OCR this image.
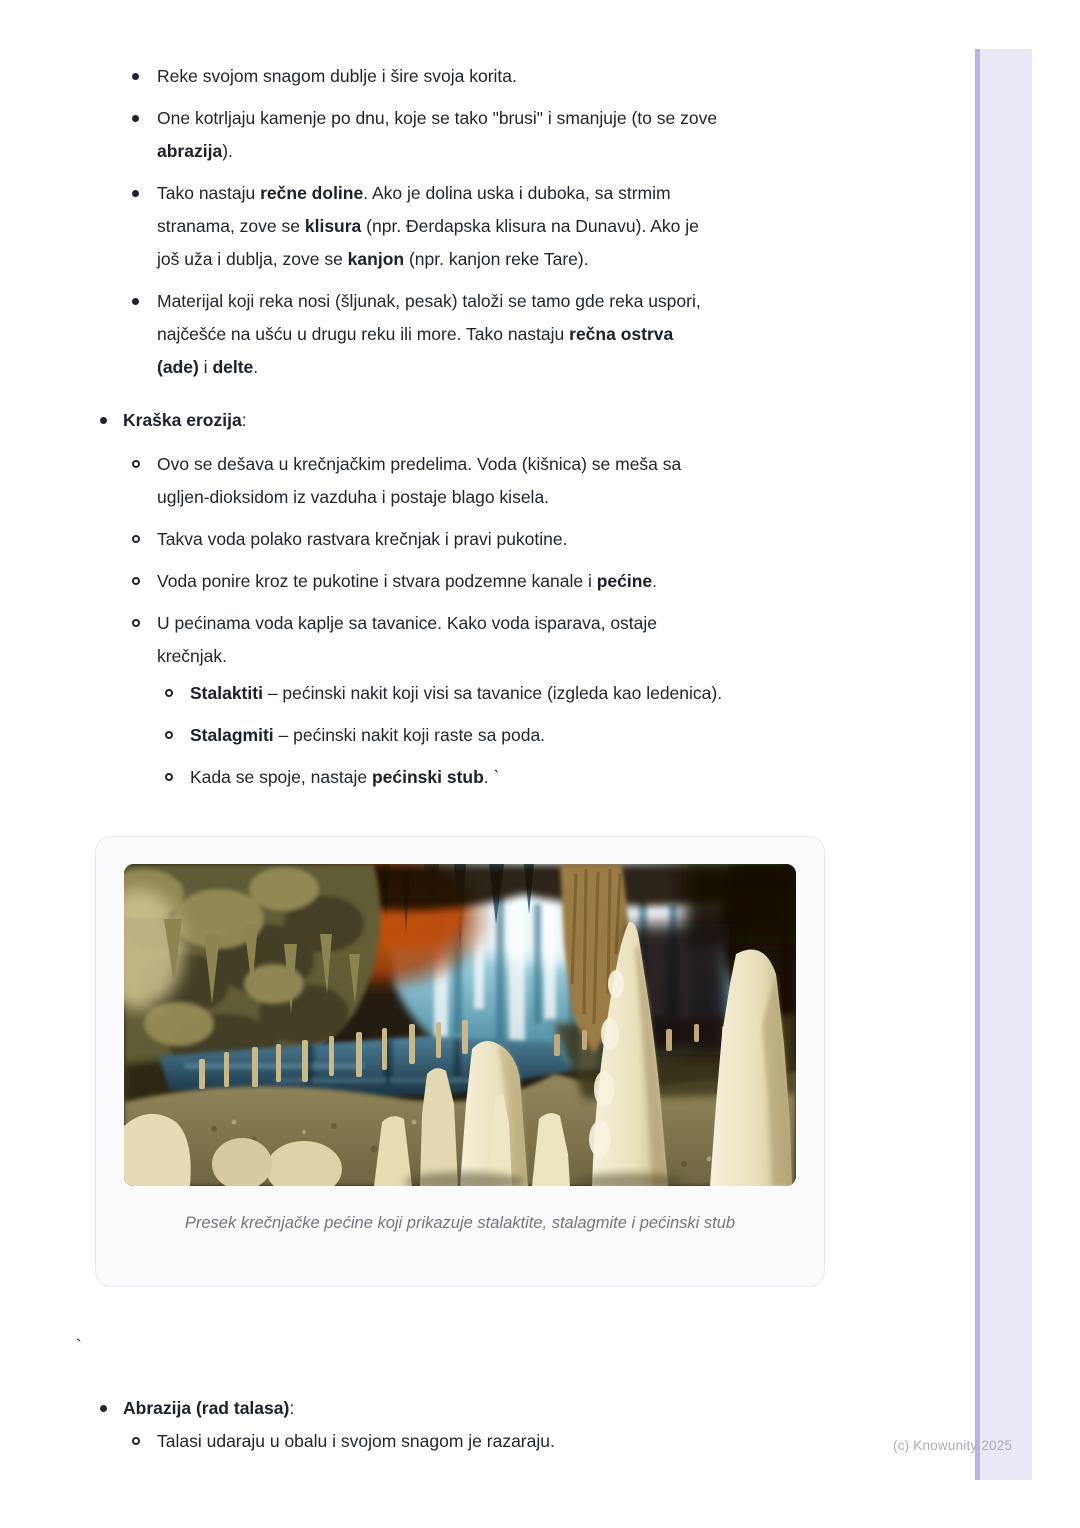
Reke svojom snagom dublje i šire svoja korita.
One kotrljaju kamenje po dnu, koje se tako "brusi" i smanjuje (to se zove
abrazija).
Tako nastaju rečne doline. Ako je dolina uska i duboka, sa strmim
stranama, zove se klisura (npr. Đerdapska klisura na Dunavu). Ako je
još uža i dublja, zove se kanjon (npr. kanjon reke Tare).
Materijal koji reka nosi (šljunak, pesak) taloži se tamo gde reka uspori,
najčešće na ušću u drugu reku ili more. Tako nastaju rečna ostrva
(ade) i delte.
Kraška erozija:
Ovo se dešava u krečnjačkim predelima. Voda (kišnica) se meša sa
ugljen-dioksidom iz vazduha i postaje blago kisela.
Takva voda polako rastvara krečnjak i pravi pukotine.
Voda ponire kroz te pukotine i stvara podzemne kanale i pećine.
U pećinama voda kaplje sa tavanice. Kako voda isparava, ostaje
krečnjak.
Stalaktiti – pećinski nakit koji visi sa tavanice (izgleda kao ledenica).
Stalagmiti – pećinski nakit koji raste sa poda.
Kada se spoje, nastaje pećinski stub. `
Presek krečnjačke pećine koji prikazuje stalaktite, stalagmite i pećinski stub
`
Abrazija (rad talasa):
Talasi udaraju u obalu i svojom snagom je razaraju.	(c) Knowunity 2025
